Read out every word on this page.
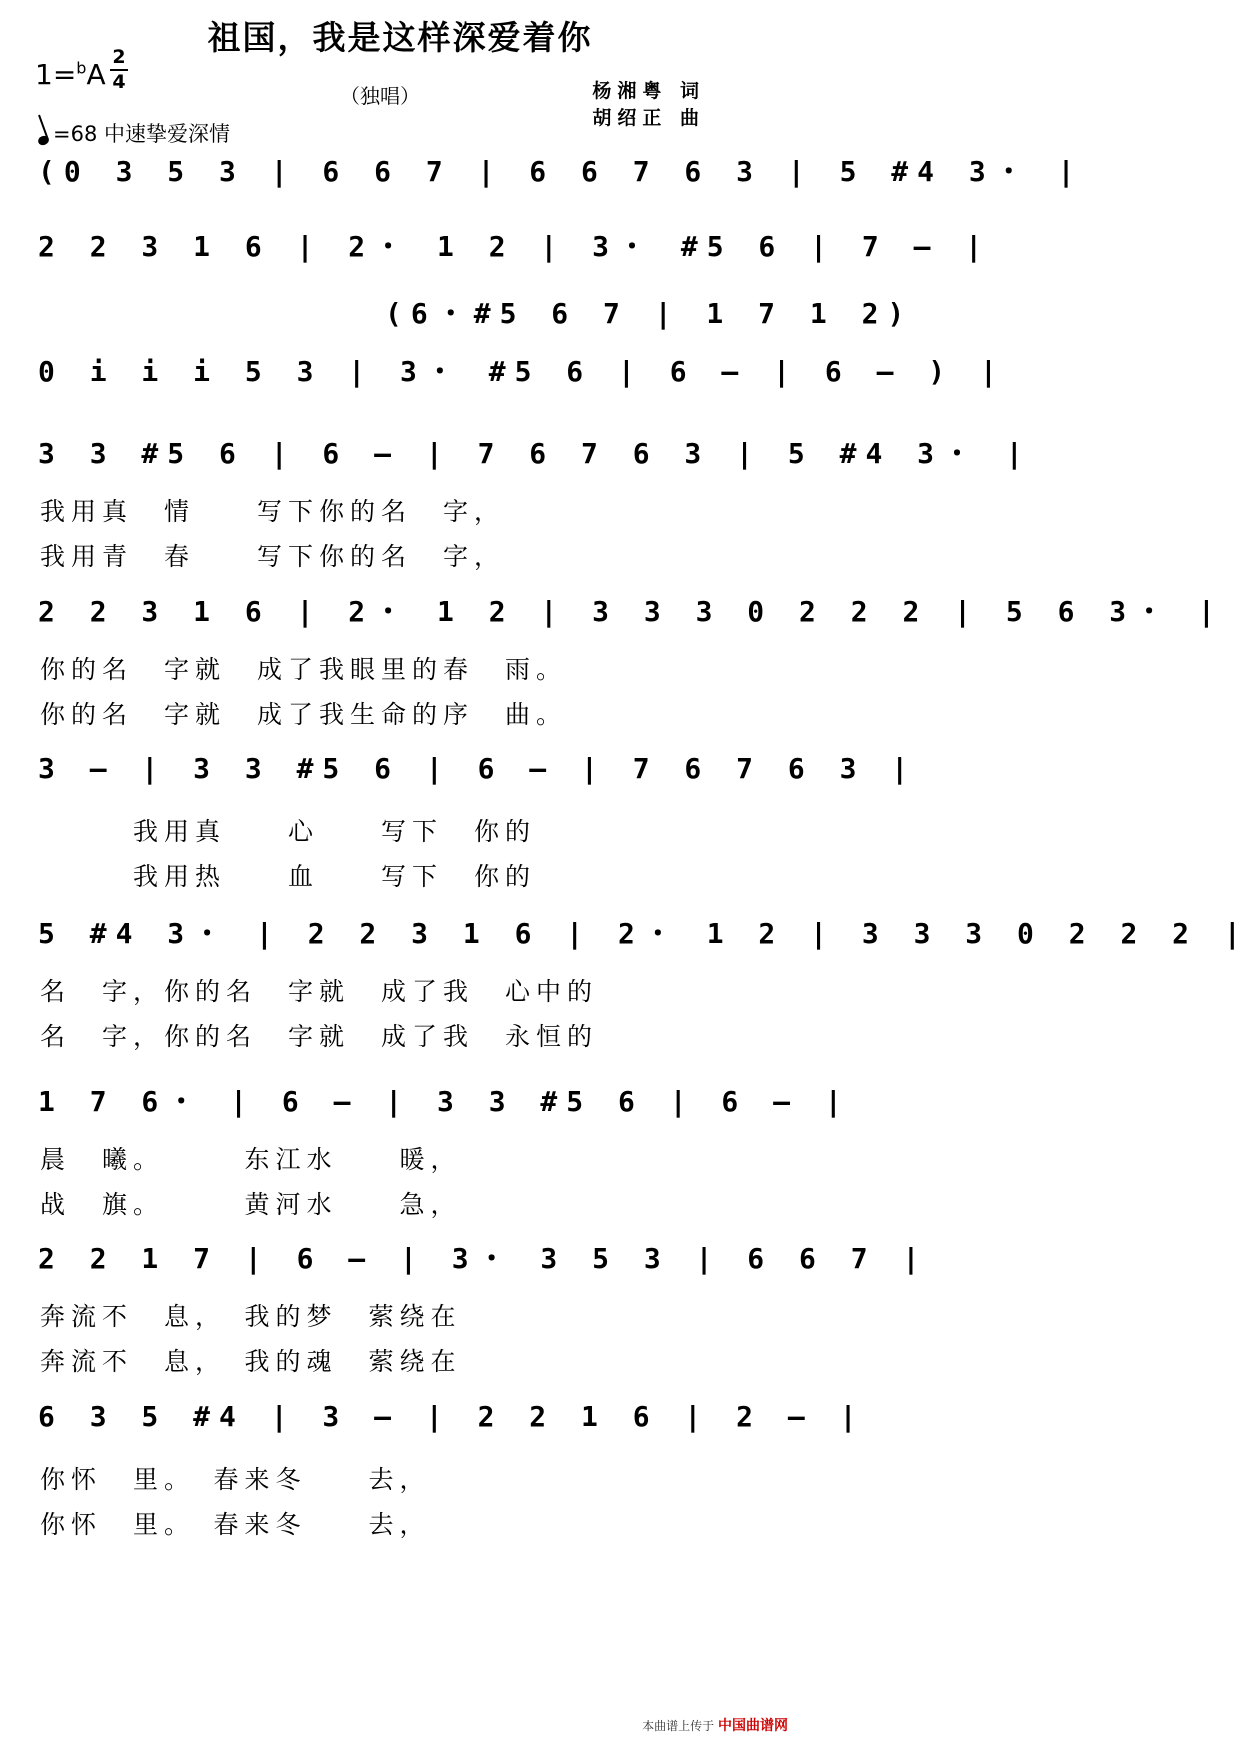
祖国，我是这样深爱着你
1=$^b$A
2
4
（独唱）	杨湘粤 词
胡绍正 曲
=68 中速挚爱深情
(0 3 5 3 | 6 6 7 | 6 6 7 6 3 | 5 #4 3・ |
2 2 3 1 6 | 2・ 1 2 | 3・ #5 6 | 7 – |
(6・#5 6 7 | 1 7 1 2)
0 i i i 5 3 | 3・ #5 6 | 6 – | 6 – ) |
3 3 #5 6 | 6 – | 7 6 7 6 3 | 5 #4 3・ |
我用真　情　　写下你的名　字，
我用青　春　　写下你的名　字，
2 2 3 1 6 | 2・ 1 2 | 3 3 3 0 2 2 2 | 5 6 3・ |
你的名　字就　成了我眼里的春　雨。
你的名　字就　成了我生命的序　曲。
3 – | 3 3 #5 6 | 6 – | 7 6 7 6 3 |
　　　我用真　　心　　写下　你的
　　　我用热　　血　　写下　你的
5 #4 3・ | 2 2 3 1 6 | 2・ 1 2 | 3 3 3 0 2 2 2 |
名　字，你的名　字就　成了我　心中的
名　字，你的名　字就　成了我　永恒的
1 7 6・ | 6 – | 3 3 #5 6 | 6 – |
晨　曦。　　　东江水　　暖，
战　旗。　　　黄河水　　急，
2 2 1 7 | 6 – | 3・ 3 5 3 | 6 6 7 |
奔流不　息，　我的梦　萦绕在
奔流不　息，　我的魂　萦绕在
6 3 5 #4 | 3 – | 2 2 1 6 | 2 – |
你怀　里。　春来冬　　去，
你怀　里。　春来冬　　去，
本曲谱上传于 中国曲谱网
